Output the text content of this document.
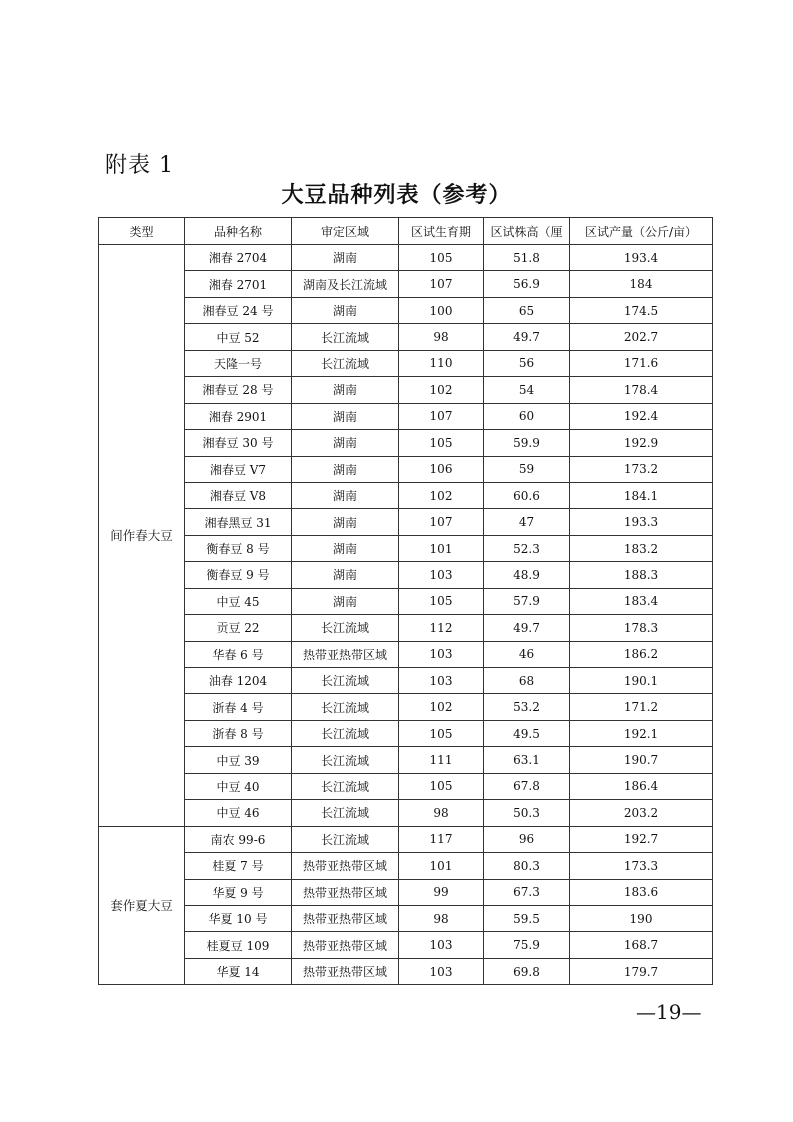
附表 1
大豆品种列表（参考）
类型	品种名称	审定区域	区试生育期	区试株高（厘	区试产量（公斤/亩）
间作春大豆	湘春 2704	湖南	105	51.8	193.4
	湘春 2701	湖南及长江流域	107	56.9	184
	湘春豆 24 号	湖南	100	65	174.5
	中豆 52	长江流域	98	49.7	202.7
	天隆一号	长江流域	110	56	171.6
	湘春豆 28 号	湖南	102	54	178.4
	湘春 2901	湖南	107	60	192.4
	湘春豆 30 号	湖南	105	59.9	192.9
	湘春豆 V7	湖南	106	59	173.2
	湘春豆 V8	湖南	102	60.6	184.1
	湘春黑豆 31	湖南	107	47	193.3
	衡春豆 8 号	湖南	101	52.3	183.2
	衡春豆 9 号	湖南	103	48.9	188.3
	中豆 45	湖南	105	57.9	183.4
	贡豆 22	长江流域	112	49.7	178.3
	华春 6 号	热带亚热带区域	103	46	186.2
	油春 1204	长江流域	103	68	190.1
	浙春 4 号	长江流域	102	53.2	171.2
	浙春 8 号	长江流域	105	49.5	192.1
	中豆 39	长江流域	111	63.1	190.7
	中豆 40	长江流域	105	67.8	186.4
	中豆 46	长江流域	98	50.3	203.2
套作夏大豆	南农 99-6	长江流域	117	96	192.7
	桂夏 7 号	热带亚热带区域	101	80.3	173.3
	华夏 9 号	热带亚热带区域	99	67.3	183.6
	华夏 10 号	热带亚热带区域	98	59.5	190
	桂夏豆 109	热带亚热带区域	103	75.9	168.7
	华夏 14	热带亚热带区域	103	69.8	179.7
—19—
